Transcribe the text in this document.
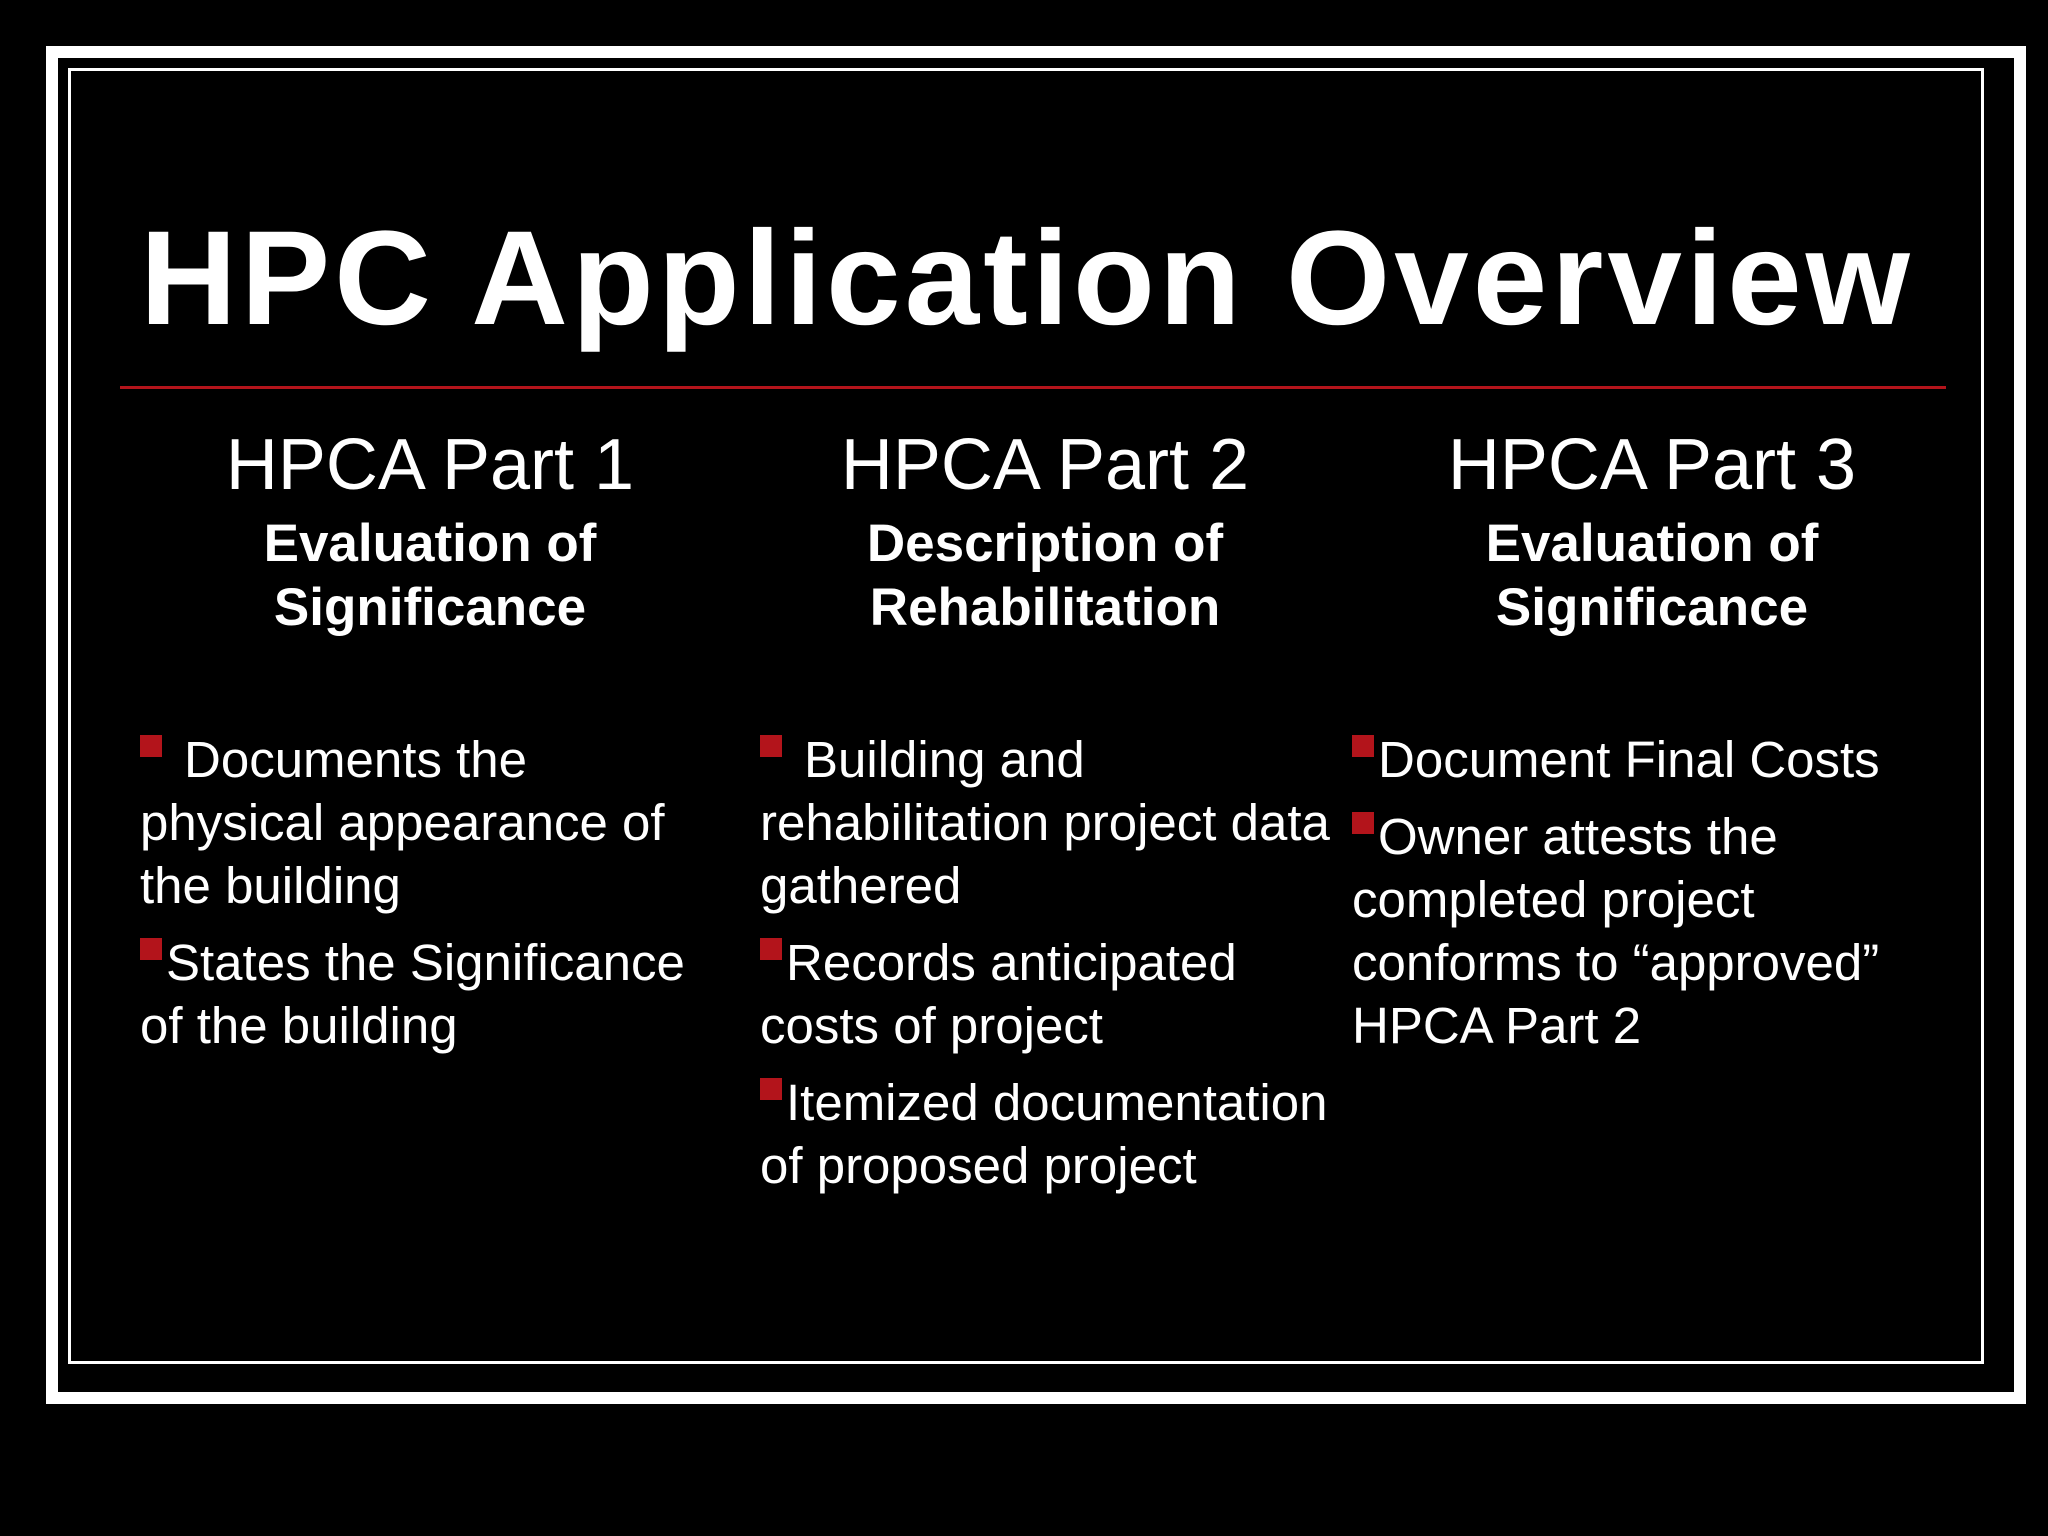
HPC Application Overview
HPCA Part 1

Evaluation of
Significance

Documents the physical appearance of the building
States the Significance of the building
HPCA Part 2

Description of
Rehabilitation

Building and rehabilitation project data gathered
Records anticipated costs of project
Itemized documentation of proposed project
HPCA Part 3

Evaluation of
Significance

Document Final Costs
Owner attests the completed project conforms to “approved” HPCA Part 2
